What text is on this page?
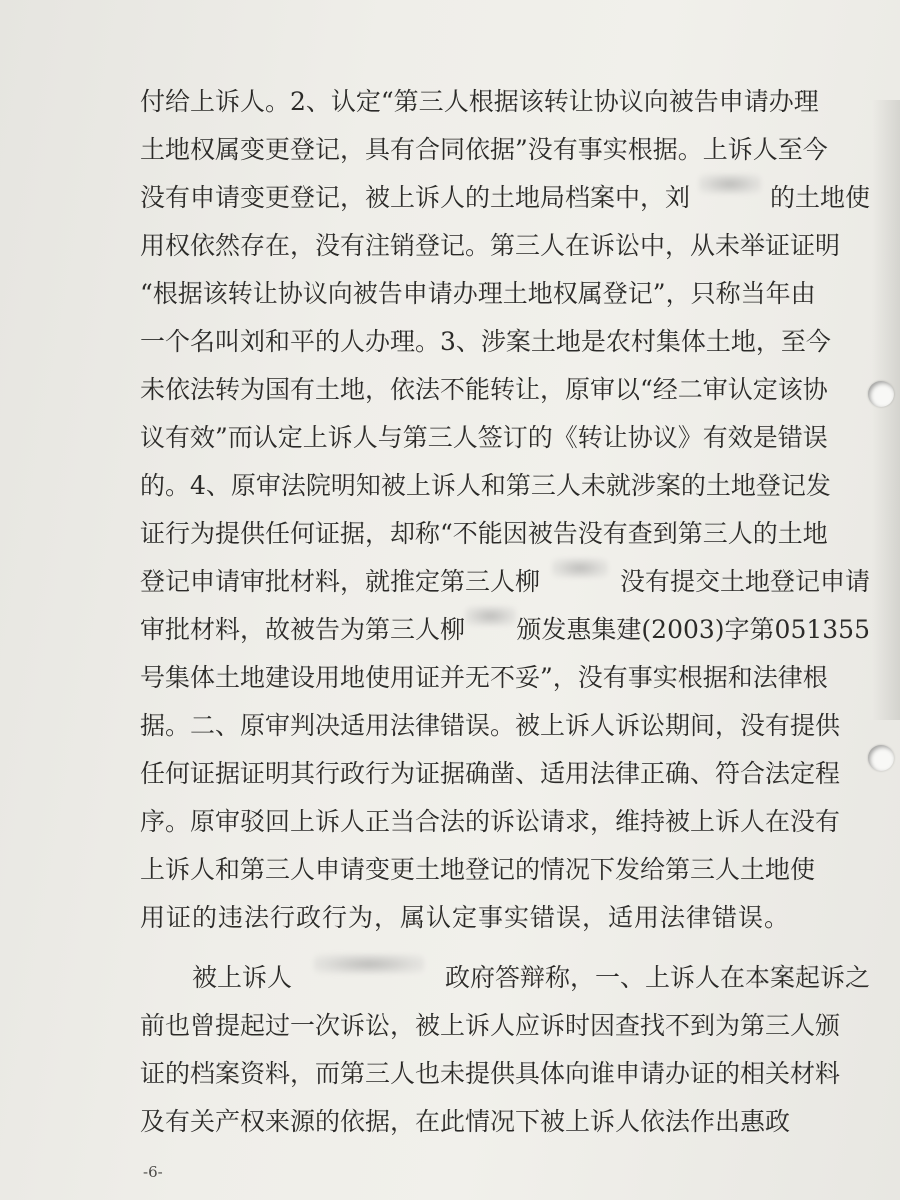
付给上诉人。2、认定“第三人根据该转让协议向被告申请办理
土地权属变更登记，具有合同依据”没有事实根据。上诉人至今
没有申请变更登记，被上诉人的土地局档案中，刘	的土地使
用权依然存在，没有注销登记。第三人在诉讼中，从未举证证明
“根据该转让协议向被告申请办理土地权属登记”，只称当年由
一个名叫刘和平的人办理。3、涉案土地是农村集体土地，至今
未依法转为国有土地，依法不能转让，原审以“经二审认定该协
议有效”而认定上诉人与第三人签订的《转让协议》有效是错误
的。4、原审法院明知被上诉人和第三人未就涉案的土地登记发
证行为提供任何证据，却称“不能因被告没有查到第三人的土地
登记申请审批材料，就推定第三人柳	没有提交土地登记申请
审批材料，故被告为第三人柳 颁发惠集建(2003)字第051355
号集体土地建设用地使用证并无不妥”，没有事实根据和法律根
据。二、原审判决适用法律错误。被上诉人诉讼期间，没有提供
任何证据证明其行政行为证据确凿、适用法律正确、符合法定程
序。原审驳回上诉人正当合法的诉讼请求，维持被上诉人在没有
上诉人和第三人申请变更土地登记的情况下发给第三人土地使
用证的违法行政行为，属认定事实错误，适用法律错误。
被上诉人	政府答辩称，一、上诉人在本案起诉之
前也曾提起过一次诉讼，被上诉人应诉时因查找不到为第三人颁
证的档案资料，而第三人也未提供具体向谁申请办证的相关材料
及有关产权来源的依据，在此情况下被上诉人依法作出惠政
-6-
